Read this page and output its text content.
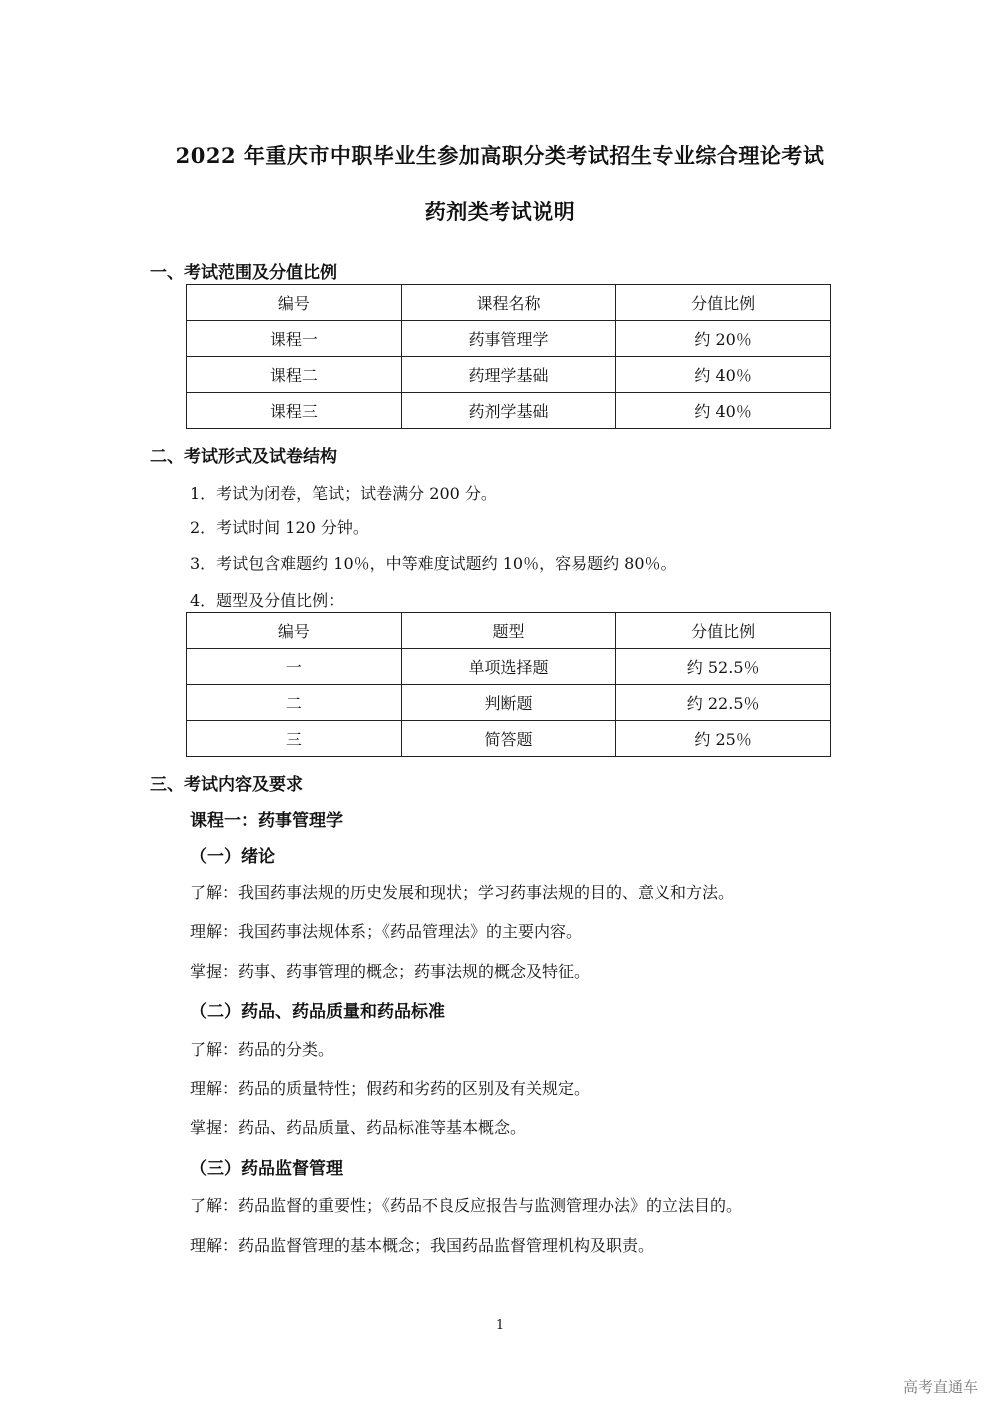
2022 年重庆市中职毕业生参加高职分类考试招生专业综合理论考试
药剂类考试说明
一、考试范围及分值比例
编号	课程名称	分值比例
课程一	药事管理学	约 20％
课程二	药理学基础	约 40％
课程三	药剂学基础	约 40％
二、考试形式及试卷结构
1．考试为闭卷，笔试；试卷满分 200 分。
2．考试时间 120 分钟。
3．考试包含难题约 10％，中等难度试题约 10％，容易题约 80％。
4．题型及分值比例：
编号	题型	分值比例
一	单项选择题	约 52.5％
二	判断题	约 22.5％
三	简答题	约 25％
三、考试内容及要求
课程一：药事管理学
（一）绪论
了解：我国药事法规的历史发展和现状；学习药事法规的目的、意义和方法。
理解：我国药事法规体系；《药品管理法》的主要内容。
掌握：药事、药事管理的概念；药事法规的概念及特征。
（二）药品、药品质量和药品标准
了解：药品的分类。
理解：药品的质量特性；假药和劣药的区别及有关规定。
掌握：药品、药品质量、药品标准等基本概念。
（三）药品监督管理
了解：药品监督的重要性；《药品不良反应报告与监测管理办法》的立法目的。
理解：药品监督管理的基本概念；我国药品监督管理机构及职责。
1
高考直通车
